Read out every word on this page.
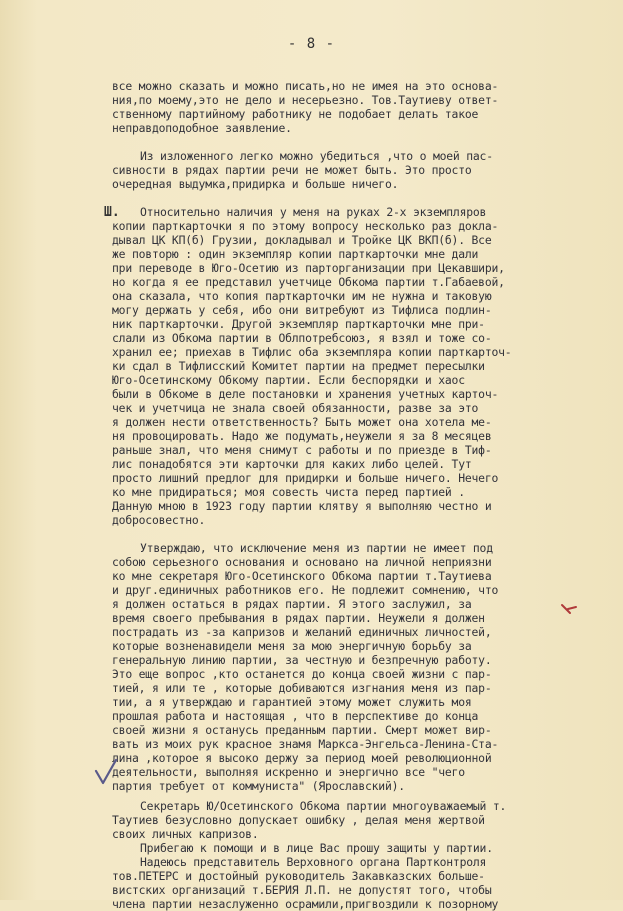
- 8 -
Ш.
все можно сказать и можно писать,но не имея на это основа-
ния,по моему,это не дело и несерьезно. Тов.Таутиеву ответ-
ственному партийному работнику не подобает делать такое
неправдоподобное заявление.
Из изложенного легко можно убедиться ,что о моей пас-
сивности в рядах партии речи не может быть. Это просто
очередная выдумка,придирка и больше ничего.
Относительно наличия у меня на руках 2-х экземпляров
копии парткарточки я по этому вопросу несколько раз докла-
дывал ЦК КП(б) Грузии, докладывал и Тройке ЦК ВКП(б). Все
же повторю : один экземпляр копии парткарточки мне дали
при переводе в Юго-Осетию из парторганизации при Цекавшири,
но когда я ее представил учетчице Обкома партии т.Габаевой,
она сказала, что копия парткарточки им не нужна и таковую
могу держать у себя, ибо они витребуют из Тифлиса подлин-
ник парткарточки. Другой экземпляр парткарточки мне при-
слали из Обкома партии в Облпотребсоюз, я взял и тоже со-
хранил ее; приехав в Тифлис оба экземпляра копии парткарточ-
ки сдал в Тифлисский Комитет партии на предмет пересылки
Юго-Осетинскому Обкому партии. Если беспорядки и хаос
были в Обкоме в деле постановки и хранения учетных карточ-
чек и учетчица не знала своей обязанности, разве за это
я должен нести ответственность? Быть может она хотела ме-
ня провоцировать. Надо же подумать,неужели я за 8 месяцев
раньше знал, что меня снимут с работы и по приезде в Тиф-
лис понадобятся эти карточки для каких либо целей. Тут
просто лишний предлог для придирки и больше ничего. Нечего
ко мне придираться; моя совесть чиста перед партией .
Данную мною в 1923 году партии клятву я выполняю честно и
добросовестно.
Утверждаю, что исключение меня из партии не имеет под
собою серьезного основания и основано на личной неприязни
ко мне секретаря Юго-Осетинского Обкома партии т.Таутиева
и друг.единичных работников его. Не подлежит сомнению, что
я должен остаться в рядах партии. Я этого заслужил, за
время своего пребывания в рядах партии. Неужели я должен
пострадать из -за капризов и желаний единичных личностей,
которые возненавидели меня за мою энергичную борьбу за
генеральную линию партии, за честную и безпречную работу.
Это еще вопрос ,кто останется до конца своей жизни с пар-
тией, я или те , которые добиваются изгнания меня из пар-
тии, а я утверждаю и гарантией этому может служить моя
прошлая работа и настоящая , что в перспективе до конца
своей жизни я останусь преданным партии. Смерт может вир-
вать из моих рук красное знамя Маркса-Энгельса-Ленина-Ста-
лина ,которое я высоко держу за период моей революционной
деятельности, выполняя искренно и энергично все "чего
партия требует от коммуниста" (Ярославский).
Секретарь Ю/Осетинского Обкома партии многоуважаемый т.
Таутиев безусловно допускает ошибку , делая меня жертвой
своих личных капризов.
Прибегаю к помощи и в лице Вас прошу защиты у партии.
Надеюсь представитель Верховного органа Партконтроля
тов.ПЕТЕРС и достойный руководитель Закавказских больше-
вистских организаций т.БЕРИЯ Л.П. не допустят того, чтобы
члена партии незаслуженно осрамили,пригвоздили к позорному
